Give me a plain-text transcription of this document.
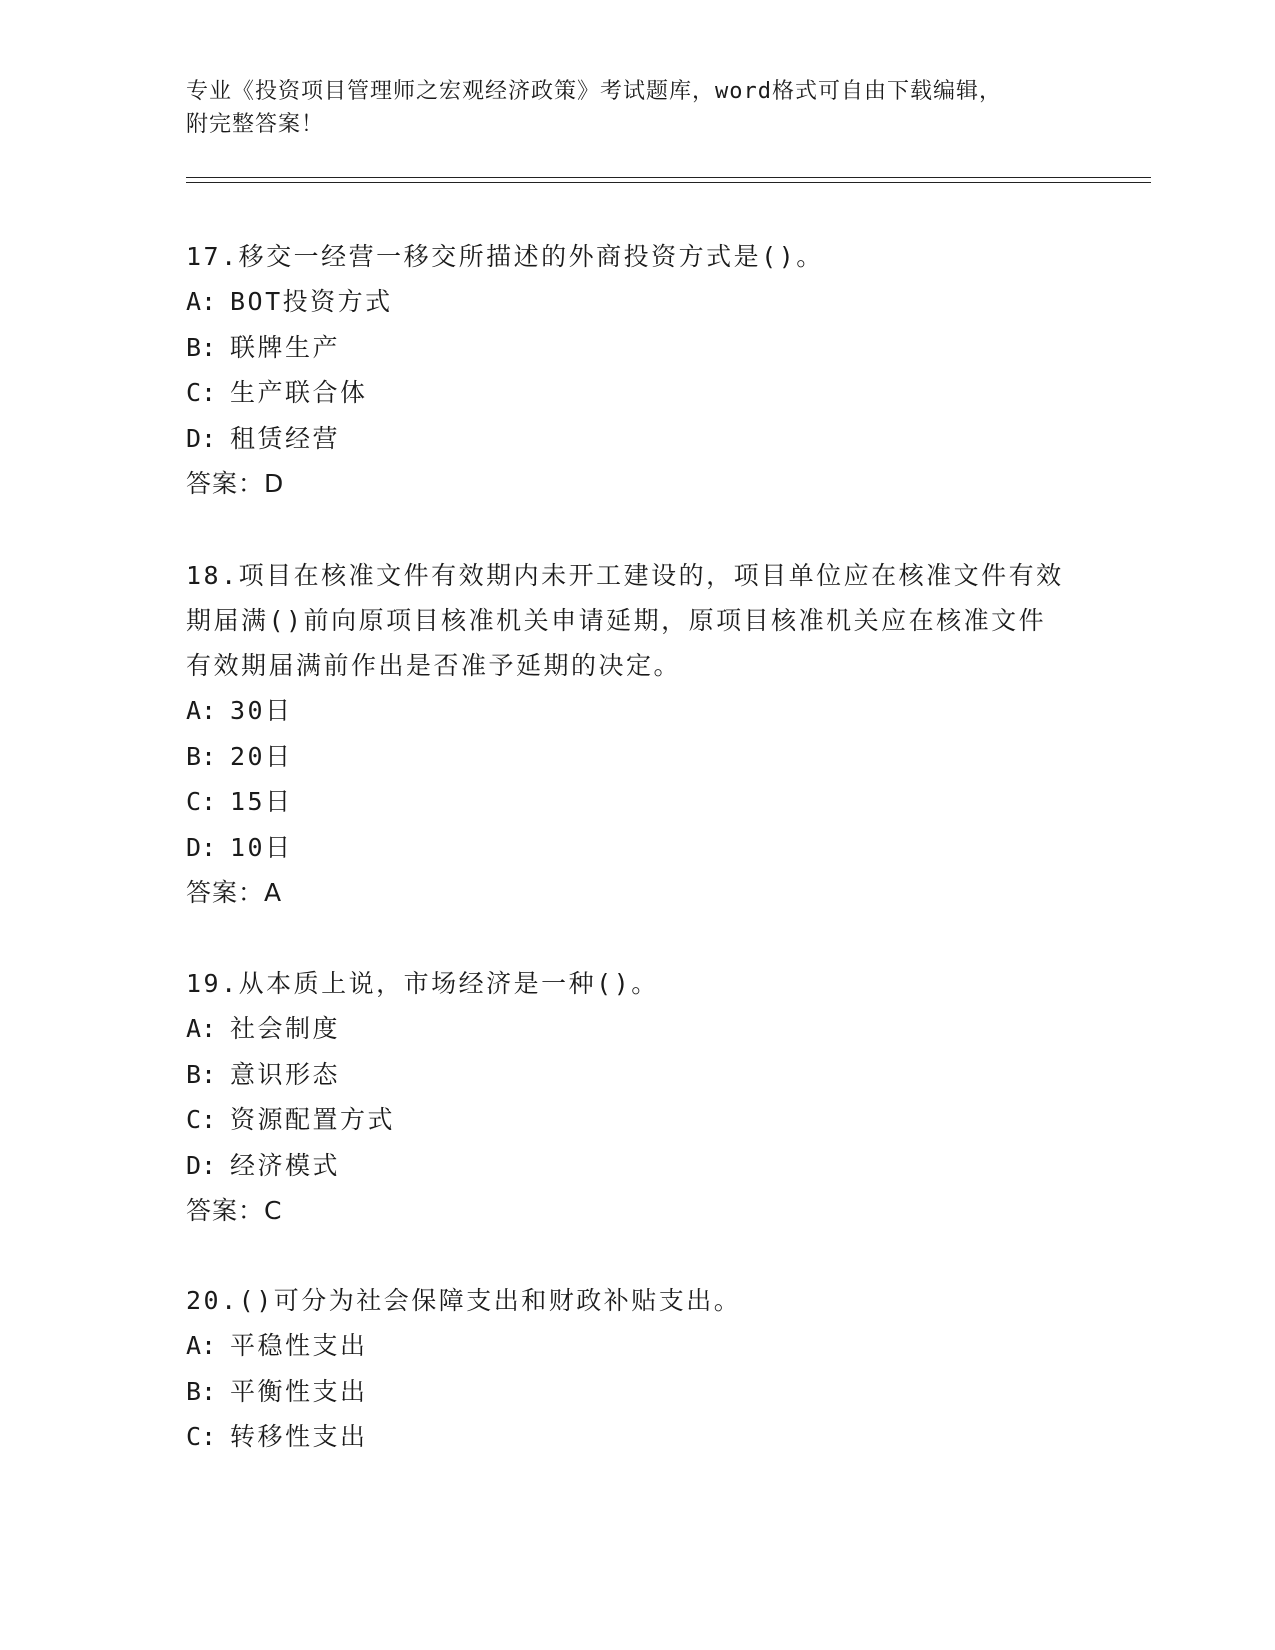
专业《投资项目管理师之宏观经济政策》考试题库，word格式可自由下载编辑，
附完整答案！

17.移交一经营一移交所描述的外商投资方式是()。

A: BOT投资方式

B: 联牌生产

C: 生产联合体

D: 租赁经营

答案：D

18.项目在核准文件有效期内未开工建设的，项目单位应在核准文件有效期届满()前向原项目核准机关申请延期，原项目核准机关应在核准文件有效期届满前作出是否准予延期的决定。

A: 30日

B: 20日

C: 15日

D: 10日

答案：A

19.从本质上说，市场经济是一种()。

A: 社会制度

B: 意识形态

C: 资源配置方式

D: 经济模式

答案：C

20.()可分为社会保障支出和财政补贴支出。

A: 平稳性支出

B: 平衡性支出

C: 转移性支出
